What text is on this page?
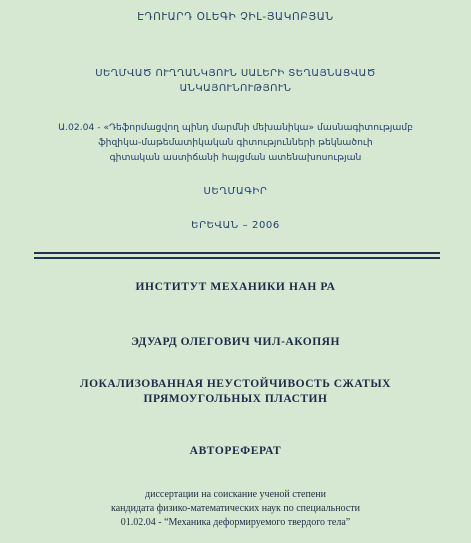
ԷԴՈՒԱՐԴ ՕԼԵԳԻ ՉԻԼ-ՅԱԿՈԲՅԱՆ
ՍԵՂՄՎԱԾ ՈՒՂՂԱՆԿՅՈՒՆ ՍԱԼԵՐԻ ՏԵՂԱՅՆԱՑՎԱԾ
ԱՆԿԱՅՈՒՆՈՒԹՅՈՒՆ
Ա.02.04 - «Դեֆորմացվող պինդ մարմնի մեխանիկա» մասնագիտությամբ
ֆիզիկա-մաթեմատիկական գիտությունների թեկնածուի
գիտական աստիճանի հայցման ատենախոսության
ՍԵՂՄԱԳԻՐ
ԵՐԵՎԱՆ – 2006
ИНСТИТУТ МЕХАНИКИ НАН РА
ЭДУАРД ОЛЕГОВИЧ ЧИЛ-АКОПЯН
ЛОКАЛИЗОВАННАЯ НЕУСТОЙЧИВОСТЬ СЖАТЫХ
ПРЯМОУГОЛЬНЫХ ПЛАСТИН
АВТОРЕФЕРАТ
диссертации на соискание ученой степени
кандидата физико-математических наук по специальности
01.02.04 - “Механика деформируемого твердого тела”
